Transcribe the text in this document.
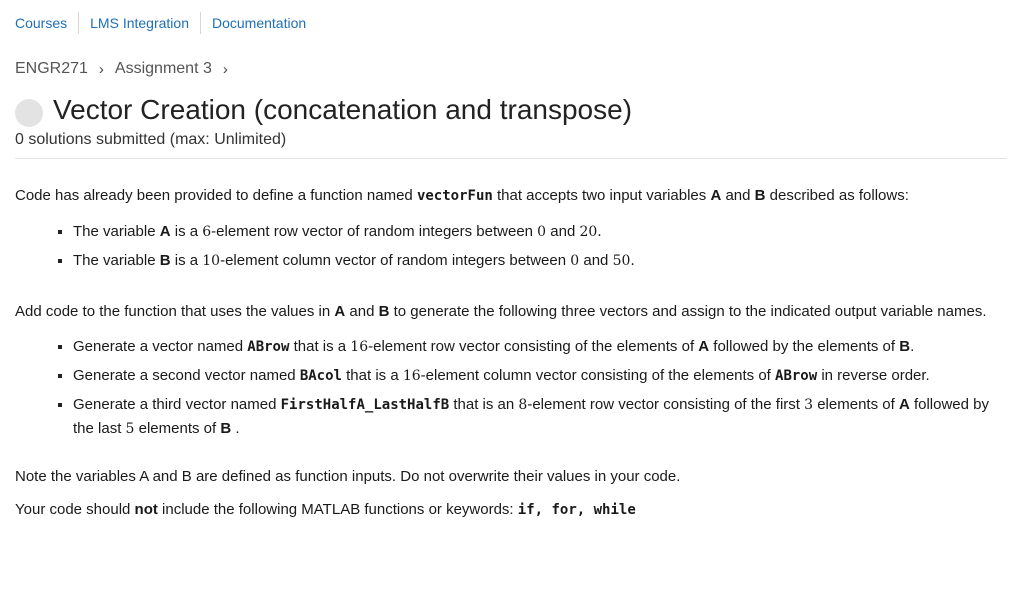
Courses LMS Integration Documentation
ENGR271 › Assignment 3 ›
Vector Creation (concatenation and transpose)
0 solutions submitted (max: Unlimited)

Code has already been provided to define a function named vectorFun that accepts two input variables A and B described as follows:

The variable A is a 6-element row vector of random integers between 0 and 20.
The variable B is a 10-element column vector of random integers between 0 and 50.

Add code to the function that uses the values in A and B to generate the following three vectors and assign to the indicated output variable names.

Generate a vector named ABrow that is a 16-element row vector consisting of the elements of A followed by the elements of B.
Generate a second vector named BAcol that is a 16-element column vector consisting of the elements of ABrow in reverse order.
Generate a third vector named FirstHalfA_LastHalfB that is an 8-element row vector consisting of the first 3 elements of A followed by the last 5 elements of B .

Note the variables A and B are defined as function inputs. Do not overwrite their values in your code.

Your code should not include the following MATLAB functions or keywords: if, for, while
